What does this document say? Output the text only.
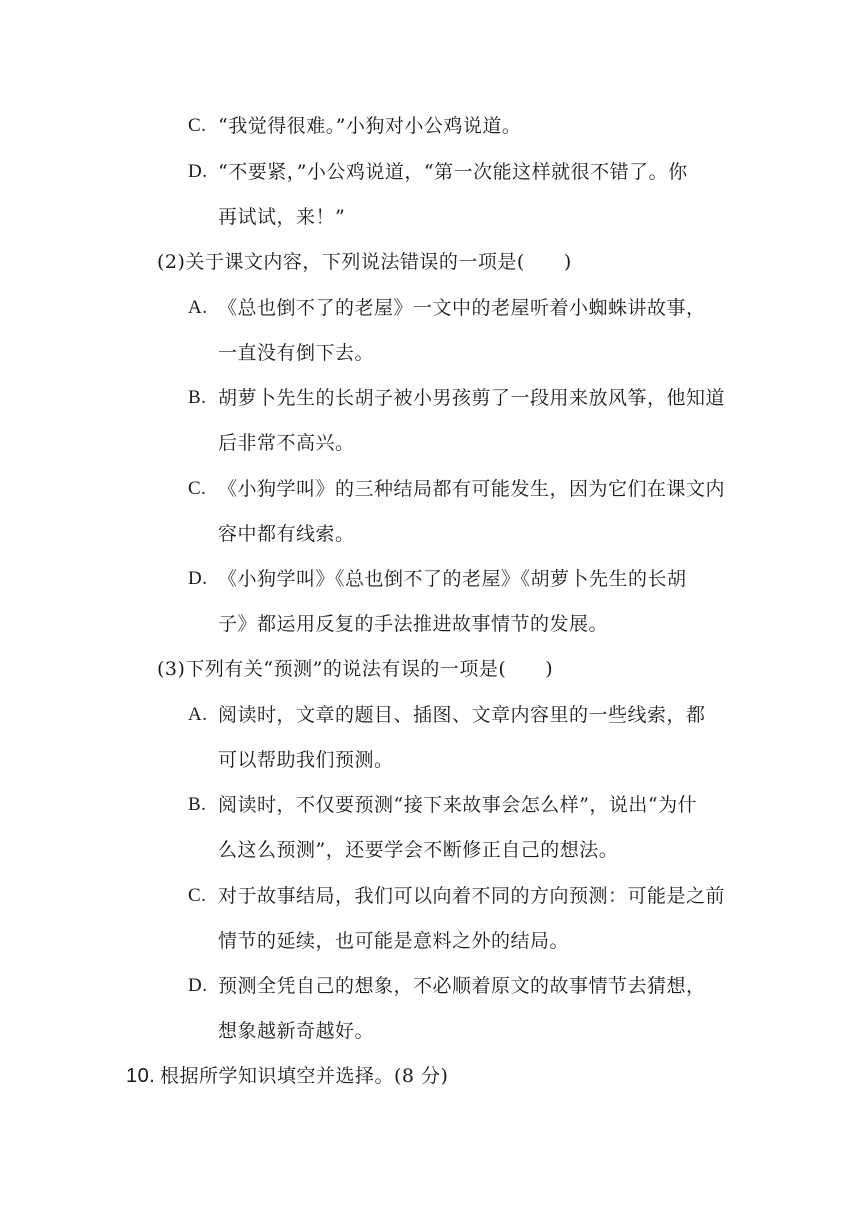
C. “我觉得很难。”小狗对小公鸡说道。
D. “不要紧，”小公鸡说道，“第一次能这样就很不错了。你
再试试，来！”
(2)关于课文内容，下列说法错误的一项是(　　)
A. 《总也倒不了的老屋》一文中的老屋听着小蜘蛛讲故事，
一直没有倒下去。
B. 胡萝卜先生的长胡子被小男孩剪了一段用来放风筝，他知道
后非常不高兴。
C. 《小狗学叫》的三种结局都有可能发生，因为它们在课文内
容中都有线索。
D. 《小狗学叫》《总也倒不了的老屋》《胡萝卜先生的长胡
子》都运用反复的手法推进故事情节的发展。
(3)下列有关“预测”的说法有误的一项是(　　)
A. 阅读时，文章的题目、插图、文章内容里的一些线索，都
可以帮助我们预测。
B. 阅读时，不仅要预测“接下来故事会怎么样”，说出“为什
么这么预测”，还要学会不断修正自己的想法。
C. 对于故事结局，我们可以向着不同的方向预测：可能是之前
情节的延续，也可能是意料之外的结局。
D. 预测全凭自己的想象，不必顺着原文的故事情节去猜想，
想象越新奇越好。
10. 根据所学知识填空并选择。(8 分)
